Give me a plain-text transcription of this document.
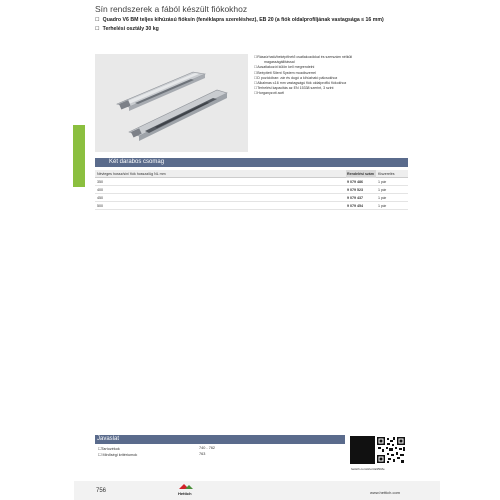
Sín rendszerek a fából készült fiókokhoz
☐ Quadro V6 BM teljes kihúzású fióksín (fenéklapra szereléshez), EB 20 (a fiók oldalprofiljának vastagsága ≤ 16 mm)
☐ Terhelési osztály 30 kg
☐Rászúrható/beképíthető csatlakozókkal és szerszám nélküli
magasságállítással
☐Acsatlakozót külön kell megrendelni
☐Beépített Silent System mozdiszerrel
☐D pozícióban: zár és dugó a kihúzható pálcsokhoz
☐Alkalmas ≤16 mm vastagságú fiók oldalprofilú fiókokhoz
☐Terhelési kapacitás az EN 15338 szerint, 3 szint
☐Horganyzott acél
Két darabos csomag
Névleges hossz/sín/ fiók hossza/üg NL mm	Rendelési szám	Kiszerelés
350	9 079 486	1 pár
400	9 079 523	1 pár
450	9 079 437	1 pár
500	9 079 454	1 pár
Javaslat
☐Tartozékok	740 - 762
☐ Minőségi kritériumok	763
hettich.com/short/a95b8e
756	Hettich	www.hettich.com
